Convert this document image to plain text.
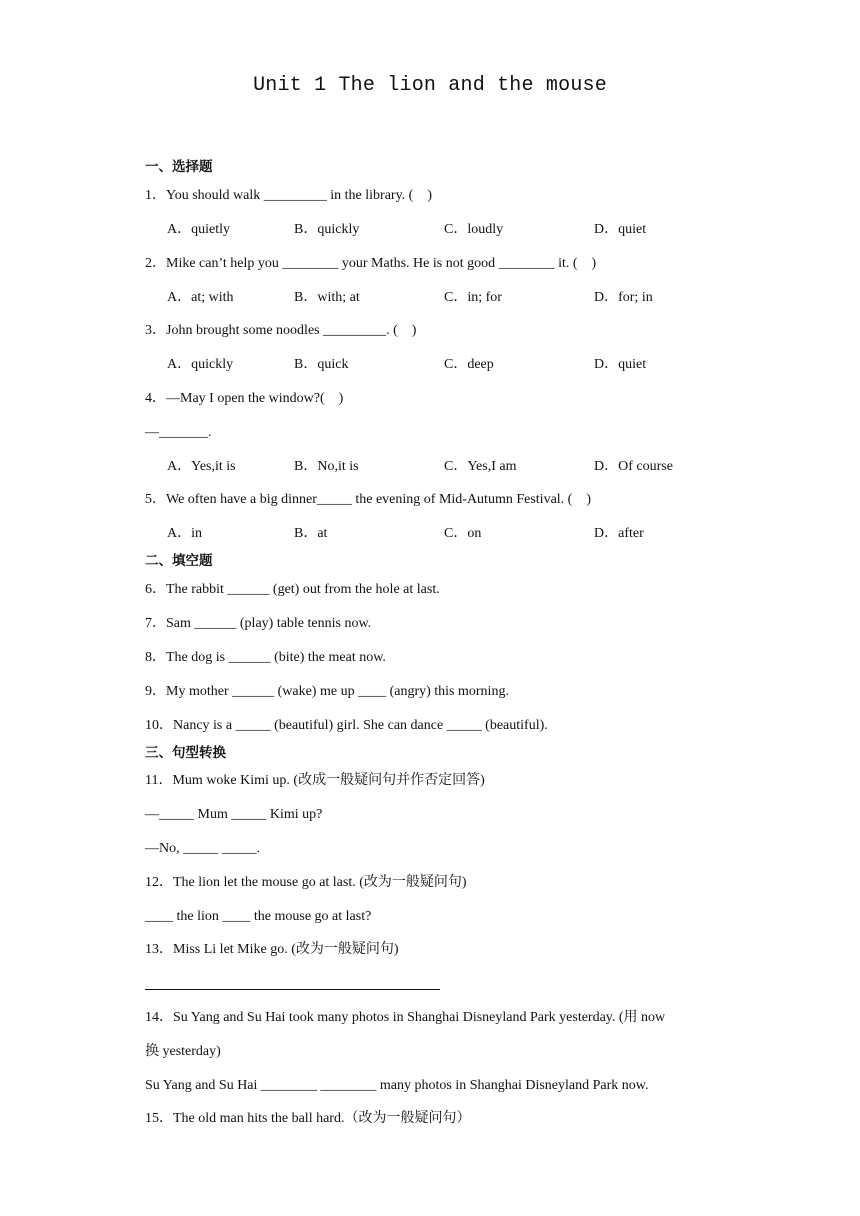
Unit 1 The lion and the mouse
一、选择题
1．You should walk _________ in the library. (　)
A．quietly	B．quickly	C．loudly	D．quiet
2．Mike can’t help you ________ your Maths. He is not good ________ it. (　)
A．at; with	B．with; at	C．in; for	D．for; in
3．John brought some noodles _________. (　)
A．quickly	B．quick	C．deep	D．quiet
4．—May I open the window?(　)
—_______.
A．Yes,it is	B．No,it is	C．Yes,I am	D．Of course
5．We often have a big dinner_____ the evening of Mid-Autumn Festival. (　)
A．in	B．at	C．on	D．after
二、填空题
6．The rabbit ______ (get) out from the hole at last.
7．Sam ______ (play) table tennis now.
8．The dog is ______ (bite) the meat now.
9．My mother ______ (wake) me up ____ (angry) this morning.
10．Nancy is a _____ (beautiful) girl. She can dance _____ (beautiful).
三、句型转换
11．Mum woke Kimi up. (改成一般疑问句并作否定回答)
—_____ Mum _____ Kimi up?
—No, _____ _____.
12．The lion let the mouse go at last. (改为一般疑问句)
____ the lion ____ the mouse go at last?
13．Miss Li let Mike go. (改为一般疑问句)
14．Su Yang and Su Hai took many photos in Shanghai Disneyland Park yesterday. (用 now
换 yesterday)
Su Yang and Su Hai ________ ________ many photos in Shanghai Disneyland Park now.
15．The old man hits the ball hard.（改为一般疑问句）
